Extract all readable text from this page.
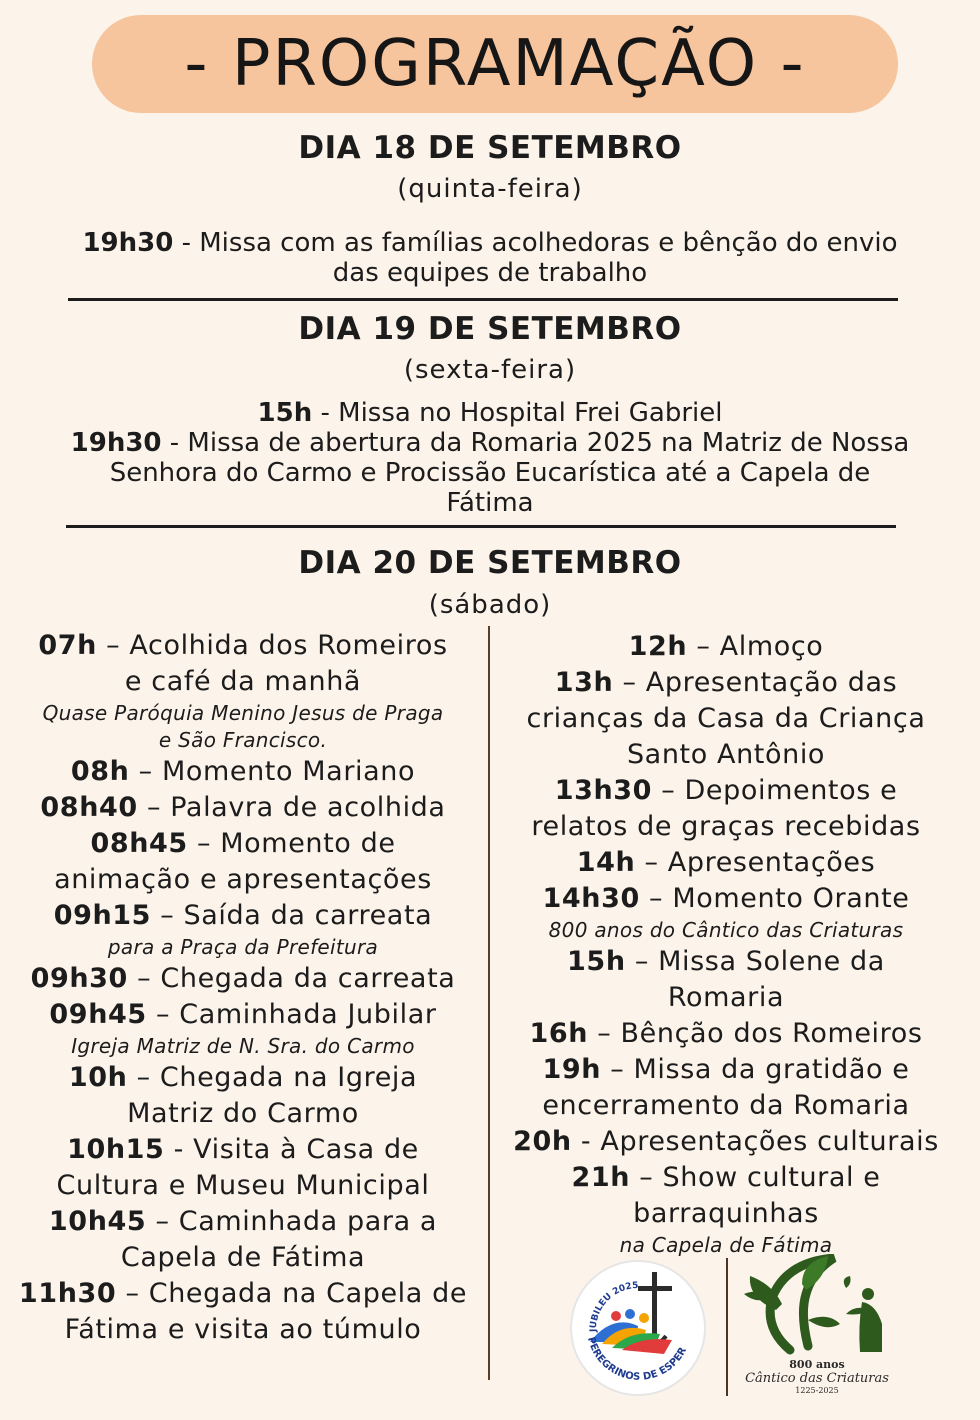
- PROGRAMAÇÃO -
DIA 18 DE SETEMBRO
(quinta-feira)
19h30 - Missa com as famílias acolhedoras e bênção do envio
das equipes de trabalho
DIA 19 DE SETEMBRO
(sexta-feira)
15h - Missa no Hospital Frei Gabriel
19h30 - Missa de abertura da Romaria 2025 na Matriz de Nossa
Senhora do Carmo e Procissão Eucarística até a Capela de
Fátima
DIA 20 DE SETEMBRO
(sábado)
07h – Acolhida dos Romeiros
e café da manhã
Quase Paróquia Menino Jesus de Praga
e São Francisco.
08h – Momento Mariano
08h40 – Palavra de acolhida
08h45 – Momento de
animação e apresentações
09h15 – Saída da carreata
para a Praça da Prefeitura
09h30 – Chegada da carreata
09h45 – Caminhada Jubilar
Igreja Matriz de N. Sra. do Carmo
10h – Chegada na Igreja
Matriz do Carmo
10h15 - Visita à Casa de
Cultura e Museu Municipal
10h45 – Caminhada para a
Capela de Fátima
11h30 – Chegada na Capela de
Fátima e visita ao túmulo
12h – Almoço
13h – Apresentação das
crianças da Casa da Criança
Santo Antônio
13h30 – Depoimentos e
relatos de graças recebidas
14h – Apresentações
14h30 – Momento Orante
800 anos do Cântico das Criaturas
15h – Missa Solene da
Romaria
16h – Bênção dos Romeiros
19h – Missa da gratidão e
encerramento da Romaria
20h - Apresentações culturais
21h – Show cultural e
barraquinhas
na Capela de Fátima
JUBILEU 2025
PEREGRINOS DE ESPER
800 anos
Cântico das Criaturas
1225-2025
